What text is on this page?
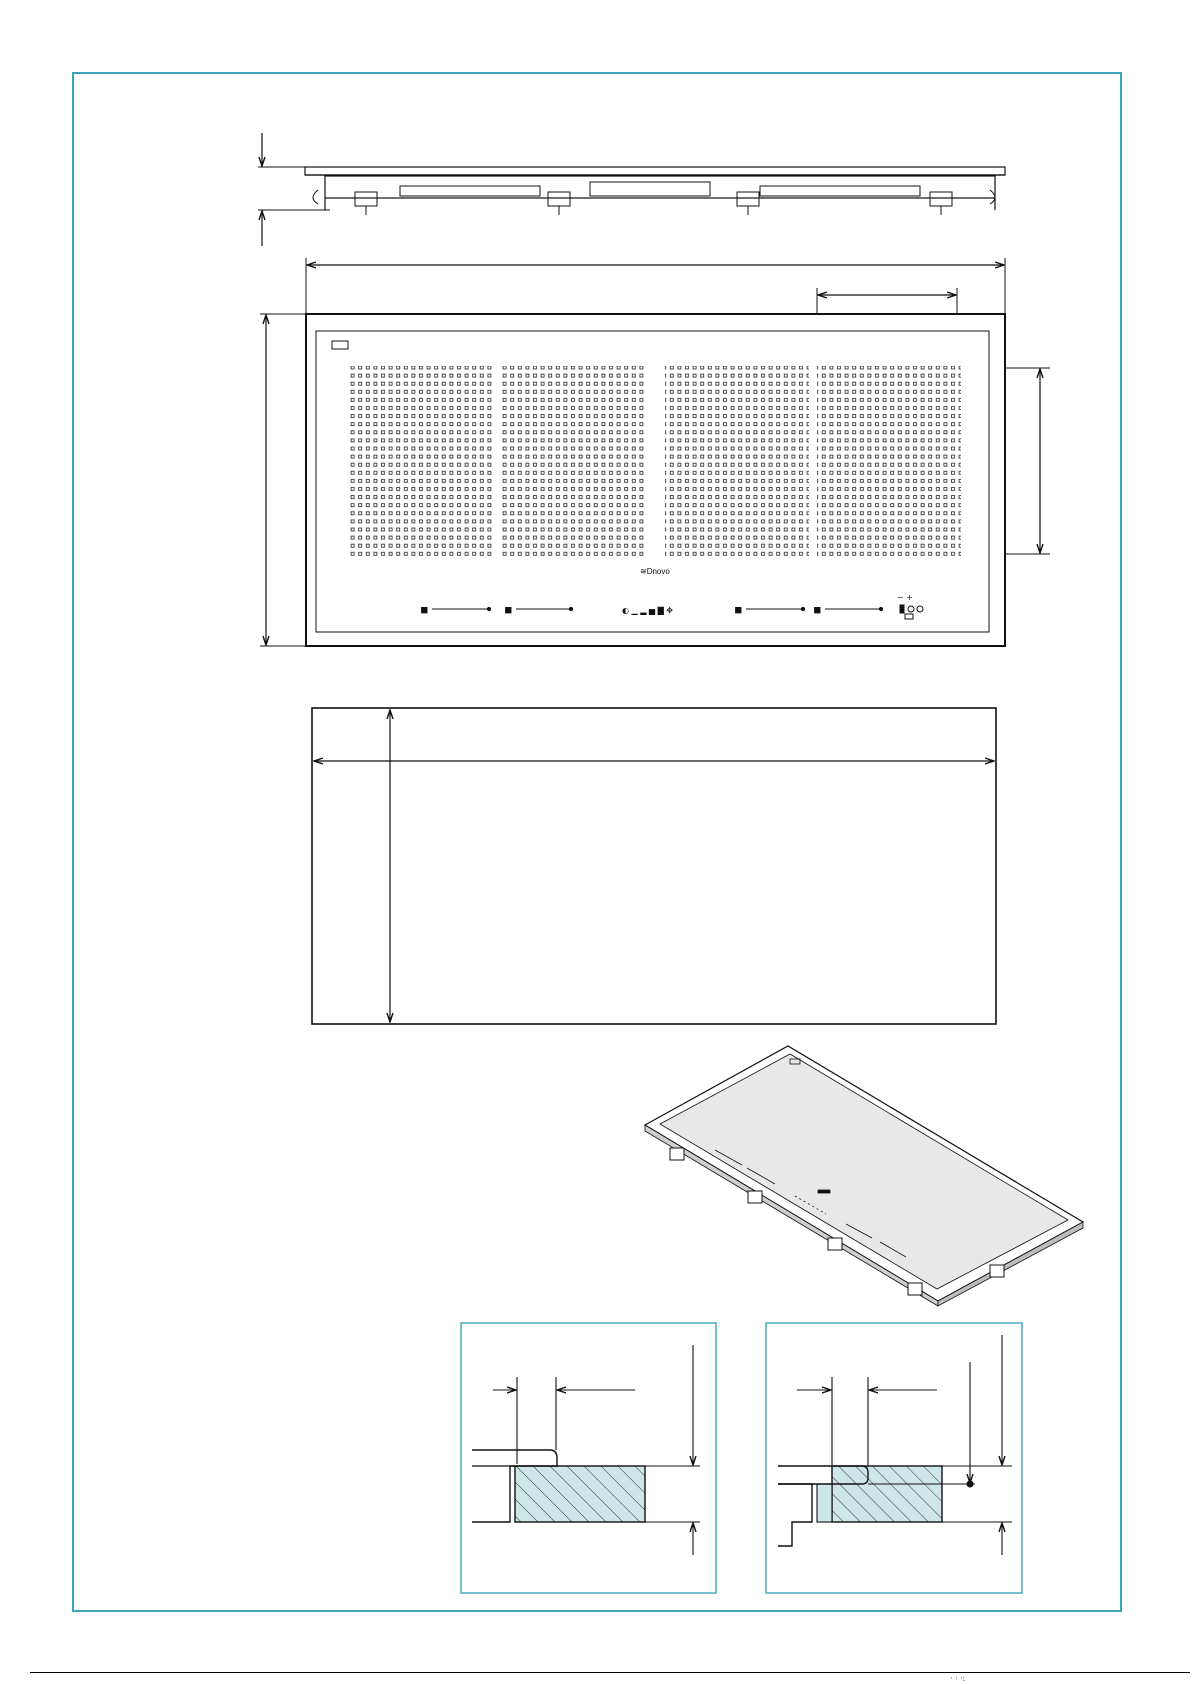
≋Dnovo
▤	▤	◐ ▁ ▂ ▅ ▇ ✥	▤	▤
− +
· · ·ː
